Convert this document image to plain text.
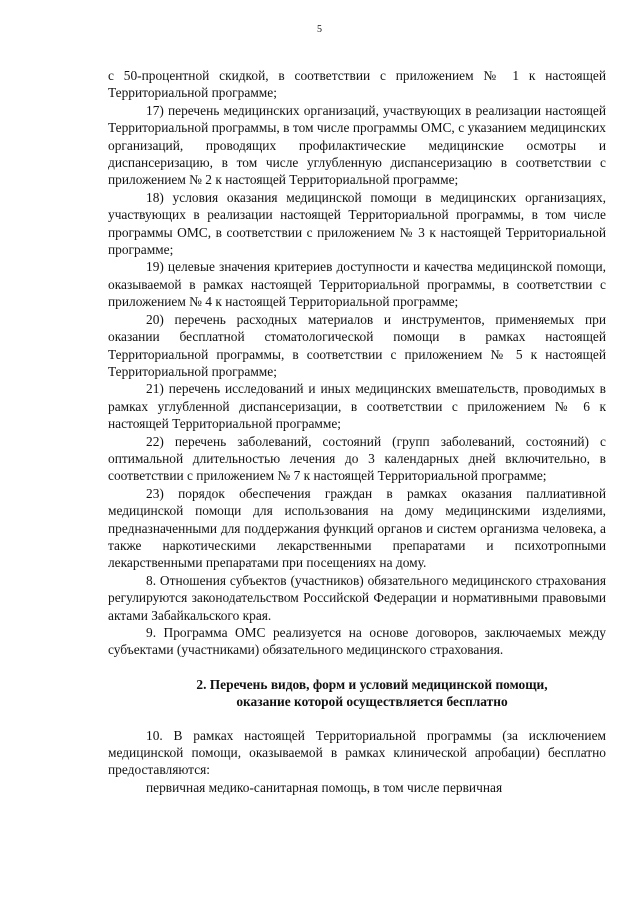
5

с 50-процентной скидкой, в соответствии с приложением № 1 к настоящей Территориальной программе;

17) перечень медицинских организаций, участвующих в реализации настоящей Территориальной программы, в том числе программы ОМС, с указанием медицинских организаций, проводящих профилактические медицинские осмотры и диспансеризацию, в том числе углубленную диспансеризацию в соответствии с приложением № 2 к настоящей Территориальной программе;

18) условия оказания медицинской помощи в медицинских организациях, участвующих в реализации настоящей Территориальной программы, в том числе программы ОМС, в соответствии с приложением № 3 к настоящей Территориальной программе;

19) целевые значения критериев доступности и качества медицинской помощи, оказываемой в рамках настоящей Территориальной программы, в соответствии с приложением № 4 к настоящей Территориальной программе;

20) перечень расходных материалов и инструментов, применяемых при оказании бесплатной стоматологической помощи в рамках настоящей Территориальной программы, в соответствии с приложением № 5 к настоящей Территориальной программе;

21) перечень исследований и иных медицинских вмешательств, проводимых в рамках углубленной диспансеризации, в соответствии с приложением № 6 к настоящей Территориальной программе;

22) перечень заболеваний, состояний (групп заболеваний, состояний) с оптимальной длительностью лечения до 3 календарных дней включительно, в соответствии с приложением № 7 к настоящей Территориальной программе;

23) порядок обеспечения граждан в рамках оказания паллиативной медицинской помощи для использования на дому медицинскими изделиями, предназначенными для поддержания функций органов и систем организма человека, а также наркотическими лекарственными препаратами и психотропными лекарственными препаратами при посещениях на дому.

8. Отношения субъектов (участников) обязательного медицинского страхования регулируются законодательством Российской Федерации и нормативными правовыми актами Забайкальского края.

9. Программа ОМС реализуется на основе договоров, заключаемых между субъектами (участниками) обязательного медицинского страхования.

2. Перечень видов, форм и условий медицинской помощи,
оказание которой осуществляется бесплатно

10. В рамках настоящей Территориальной программы (за исключением медицинской помощи, оказываемой в рамках клинической апробации) бесплатно предоставляются:

первичная медико-санитарная помощь, в том числе первичная
